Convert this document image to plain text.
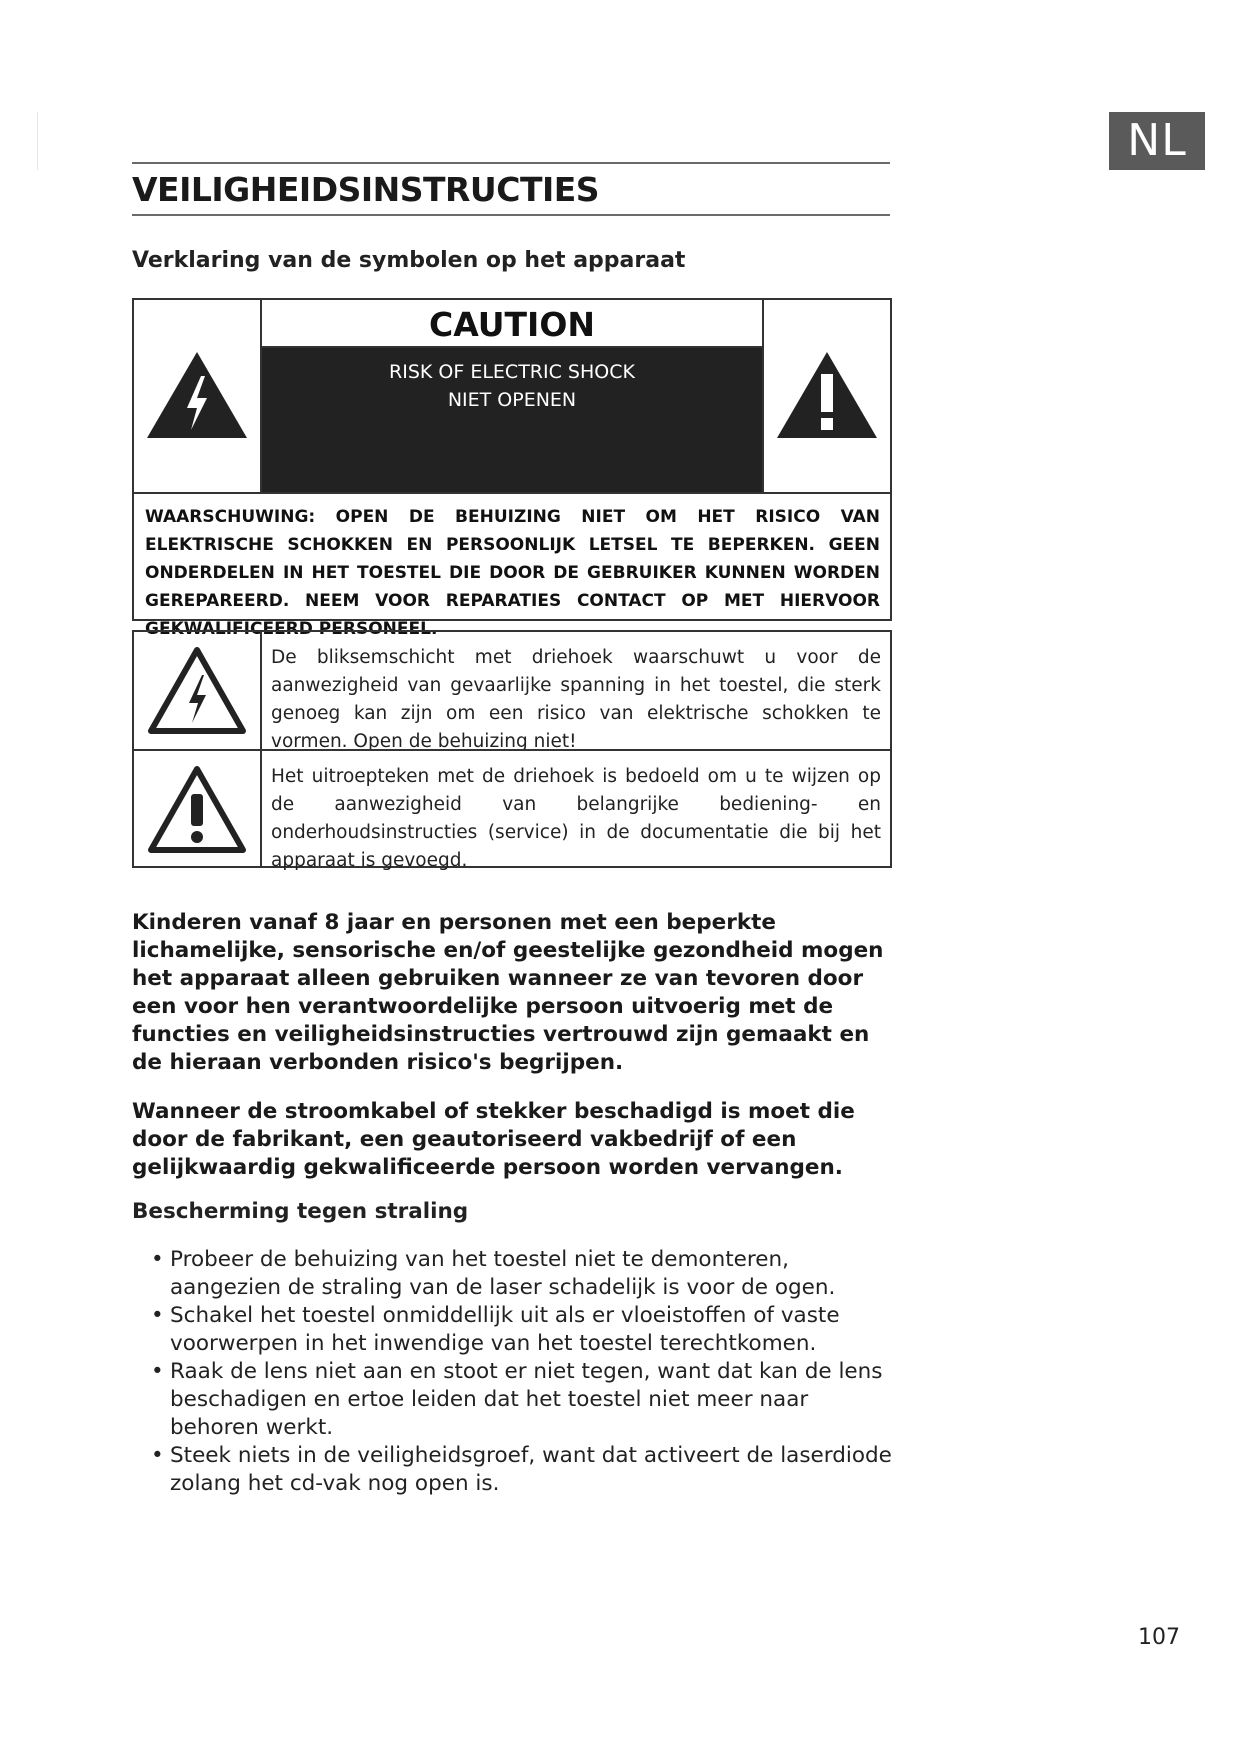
NL
VEILIGHEIDSINSTRUCTIES
Verklaring van de symbolen op het apparaat
CAUTION
RISK OF ELECTRIC SHOCK
NIET OPENEN
WAARSCHUWING: OPEN DE BEHUIZING NIET OM HET RISICO VAN ELEKTRISCHE SCHOKKEN EN PERSOONLIJK LETSEL TE BEPERKEN. GEEN ONDERDELEN IN HET TOESTEL DIE DOOR DE GEBRUIKER KUNNEN WORDEN GEREPAREERD. NEEM VOOR REPARATIES CONTACT OP MET HIERVOOR GEKWALIFICEERD PERSONEEL.
De bliksemschicht met driehoek waarschuwt u voor de aanwezigheid van gevaarlijke spanning in het toestel, die sterk genoeg kan zijn om een risico van elektrische schokken te vormen. Open de behuizing niet!
Het uitroepteken met de driehoek is bedoeld om u te wijzen op de aanwezigheid van belangrijke bediening- en onderhoudsinstructies (service) in de documentatie die bij het apparaat is gevoegd.

Kinderen vanaf 8 jaar en personen met een beperkte lichamelijke, sensorische en/of geestelijke gezondheid mogen het apparaat alleen gebruiken wanneer ze van tevoren door een voor hen verantwoordelijke persoon uitvoerig met de functies en veiligheidsinstructies vertrouwd zijn gemaakt en de hieraan verbonden risico's begrijpen.

Wanneer de stroomkabel of stekker beschadigd is moet die door de fabrikant, een geautoriseerd vakbedrijf of een gelijkwaardig gekwalificeerde persoon worden vervangen.

Bescherming tegen straling
• Probeer de behuizing van het toestel niet te demonteren, aangezien de straling van de laser schadelijk is voor de ogen.
• Schakel het toestel onmiddellijk uit als er vloeistoffen of vaste voorwerpen in het inwendige van het toestel terechtkomen.
• Raak de lens niet aan en stoot er niet tegen, want dat kan de lens beschadigen en ertoe leiden dat het toestel niet meer naar behoren werkt.
• Steek niets in de veiligheidsgroef, want dat activeert de laserdiode zolang het cd-vak nog open is.
107
